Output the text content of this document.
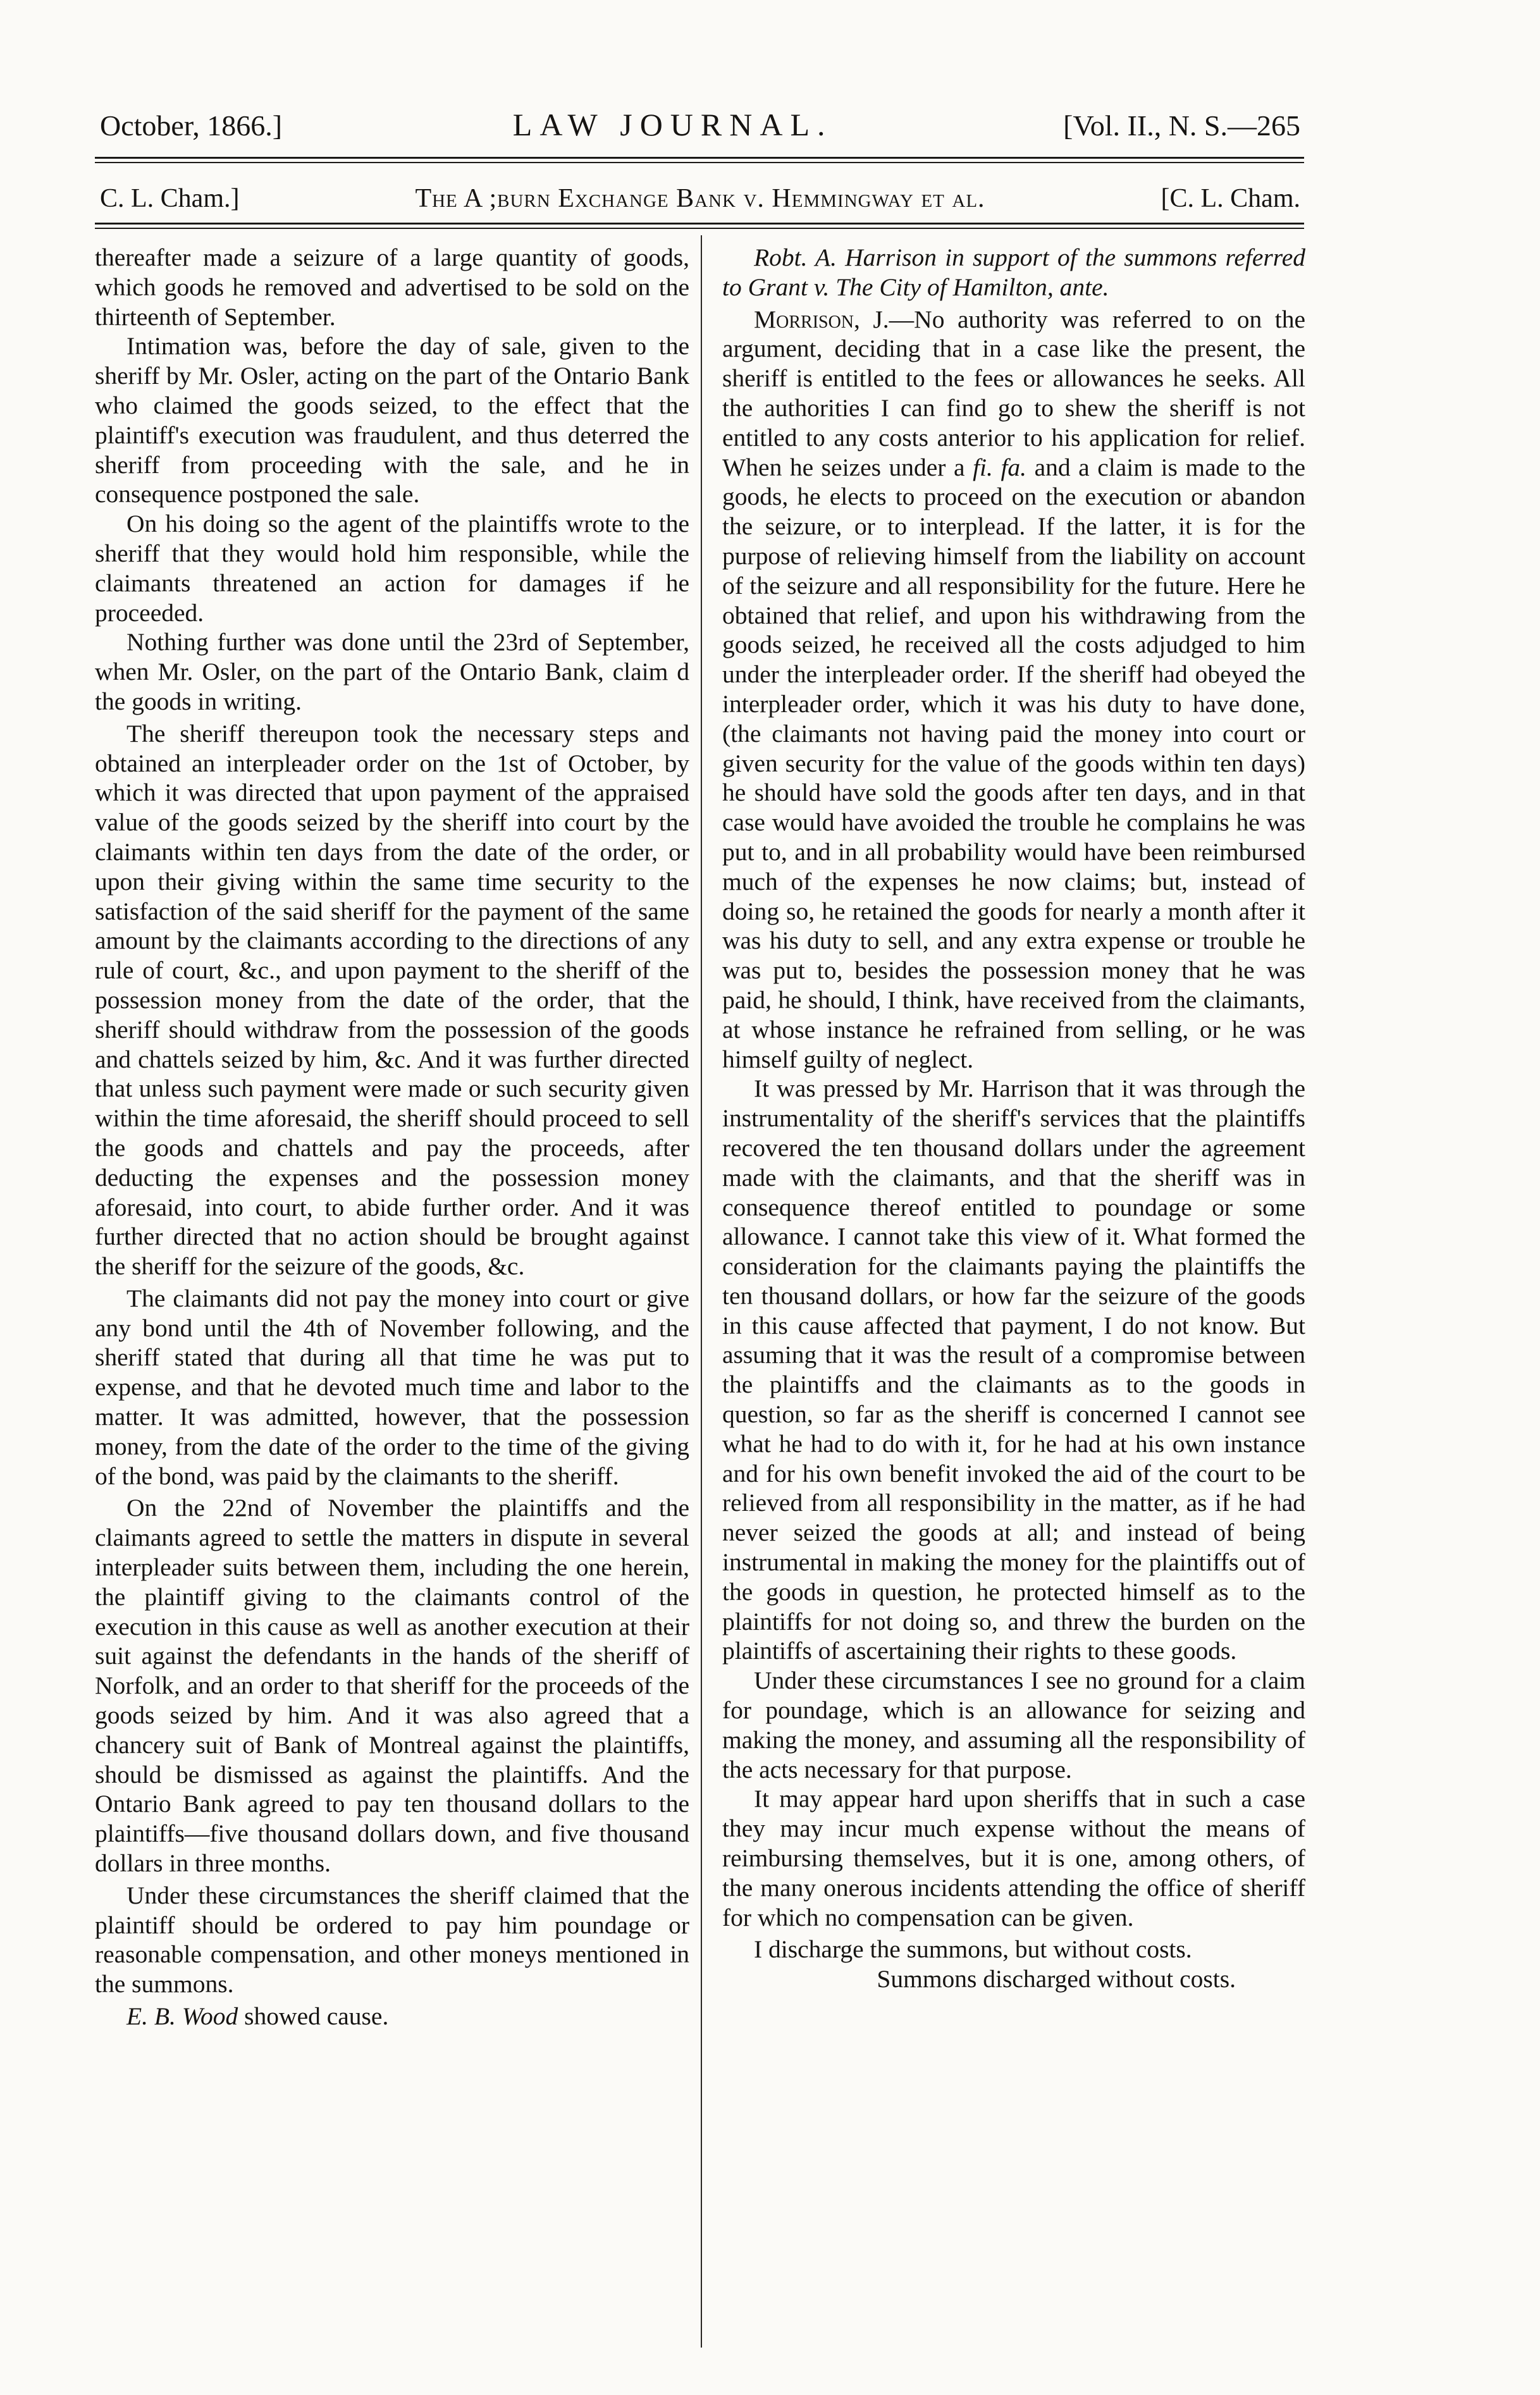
October, 1866.]	LAW JOURNAL.	[Vol. II., N. S.—265
C. L. Cham.]	The A ;burn Exchange Bank v. Hemmingway et al.	[C. L. Cham.

thereafter made a seizure of a large quantity of goods, which goods he removed and advertised to be sold on the thirteenth of September.

Intimation was, before the day of sale, given to the sheriff by Mr. Osler, acting on the part of the Ontario Bank who claimed the goods seized, to the effect that the plaintiff's execution was fraudulent, and thus deterred the sheriff from proceeding with the sale, and he in consequence postponed the sale.

On his doing so the agent of the plaintiffs wrote to the sheriff that they would hold him responsible, while the claimants threatened an action for damages if he proceeded.

Nothing further was done until the 23rd of September, when Mr. Osler, on the part of the Ontario Bank, claim d the goods in writing.

The sheriff thereupon took the necessary steps and obtained an interpleader order on the 1st of October, by which it was directed that upon payment of the appraised value of the goods seized by the sheriff into court by the claimants within ten days from the date of the order, or upon their giving within the same time security to the satisfaction of the said sheriff for the payment of the same amount by the claimants according to the directions of any rule of court, &c., and upon payment to the sheriff of the possession money from the date of the order, that the sheriff should withdraw from the possession of the goods and chattels seized by him, &c. And it was further directed that unless such payment were made or such security given within the time aforesaid, the sheriff should proceed to sell the goods and chattels and pay the proceeds, after deducting the expenses and the possession money aforesaid, into court, to abide further order. And it was further directed that no action should be brought against the sheriff for the seizure of the goods, &c.

The claimants did not pay the money into court or give any bond until the 4th of November following, and the sheriff stated that during all that time he was put to expense, and that he devoted much time and labor to the matter. It was admitted, however, that the possession money, from the date of the order to the time of the giving of the bond, was paid by the claimants to the sheriff.

On the 22nd of November the plaintiffs and the claimants agreed to settle the matters in dispute in several interpleader suits between them, including the one herein, the plaintiff giving to the claimants control of the execution in this cause as well as another execution at their suit against the defendants in the hands of the sheriff of Norfolk, and an order to that sheriff for the proceeds of the goods seized by him. And it was also agreed that a chancery suit of Bank of Montreal against the plaintiffs, should be dismissed as against the plaintiffs. And the Ontario Bank agreed to pay ten thousand dollars to the plaintiffs—five thousand dollars down, and five thousand dollars in three months.

Under these circumstances the sheriff claimed that the plaintiff should be ordered to pay him poundage or reasonable compensation, and other moneys mentioned in the summons.

E. B. Wood showed cause.

Robt. A. Harrison in support of the summons referred to Grant v. The City of Hamilton, ante.

Morrison, J.—No authority was referred to on the argument, deciding that in a case like the present, the sheriff is entitled to the fees or allowances he seeks. All the authorities I can find go to shew the sheriff is not entitled to any costs anterior to his application for relief. When he seizes under a fi. fa. and a claim is made to the goods, he elects to proceed on the execution or abandon the seizure, or to interplead. If the latter, it is for the purpose of relieving himself from the liability on account of the seizure and all responsibility for the future. Here he obtained that relief, and upon his withdrawing from the goods seized, he received all the costs adjudged to him under the interpleader order. If the sheriff had obeyed the interpleader order, which it was his duty to have done, (the claimants not having paid the money into court or given security for the value of the goods within ten days) he should have sold the goods after ten days, and in that case would have avoided the trouble he complains he was put to, and in all probability would have been reimbursed much of the expenses he now claims; but, instead of doing so, he retained the goods for nearly a month after it was his duty to sell, and any extra expense or trouble he was put to, besides the possession money that he was paid, he should, I think, have received from the claimants, at whose instance he refrained from selling, or he was himself guilty of neglect.

It was pressed by Mr. Harrison that it was through the instrumentality of the sheriff's services that the plaintiffs recovered the ten thousand dollars under the agreement made with the claimants, and that the sheriff was in consequence thereof entitled to poundage or some allowance. I cannot take this view of it. What formed the consideration for the claimants paying the plaintiffs the ten thousand dollars, or how far the seizure of the goods in this cause affected that payment, I do not know. But assuming that it was the result of a compromise between the plaintiffs and the claimants as to the goods in question, so far as the sheriff is concerned I cannot see what he had to do with it, for he had at his own instance and for his own benefit invoked the aid of the court to be relieved from all responsibility in the matter, as if he had never seized the goods at all; and instead of being instrumental in making the money for the plaintiffs out of the goods in question, he protected himself as to the plaintiffs for not doing so, and threw the burden on the plaintiffs of ascertaining their rights to these goods.

Under these circumstances I see no ground for a claim for poundage, which is an allowance for seizing and making the money, and assuming all the responsibility of the acts necessary for that purpose.

It may appear hard upon sheriffs that in such a case they may incur much expense without the means of reimbursing themselves, but it is one, among others, of the many onerous incidents attending the office of sheriff for which no compensation can be given.

I discharge the summons, but without costs.

Summons discharged without costs.
